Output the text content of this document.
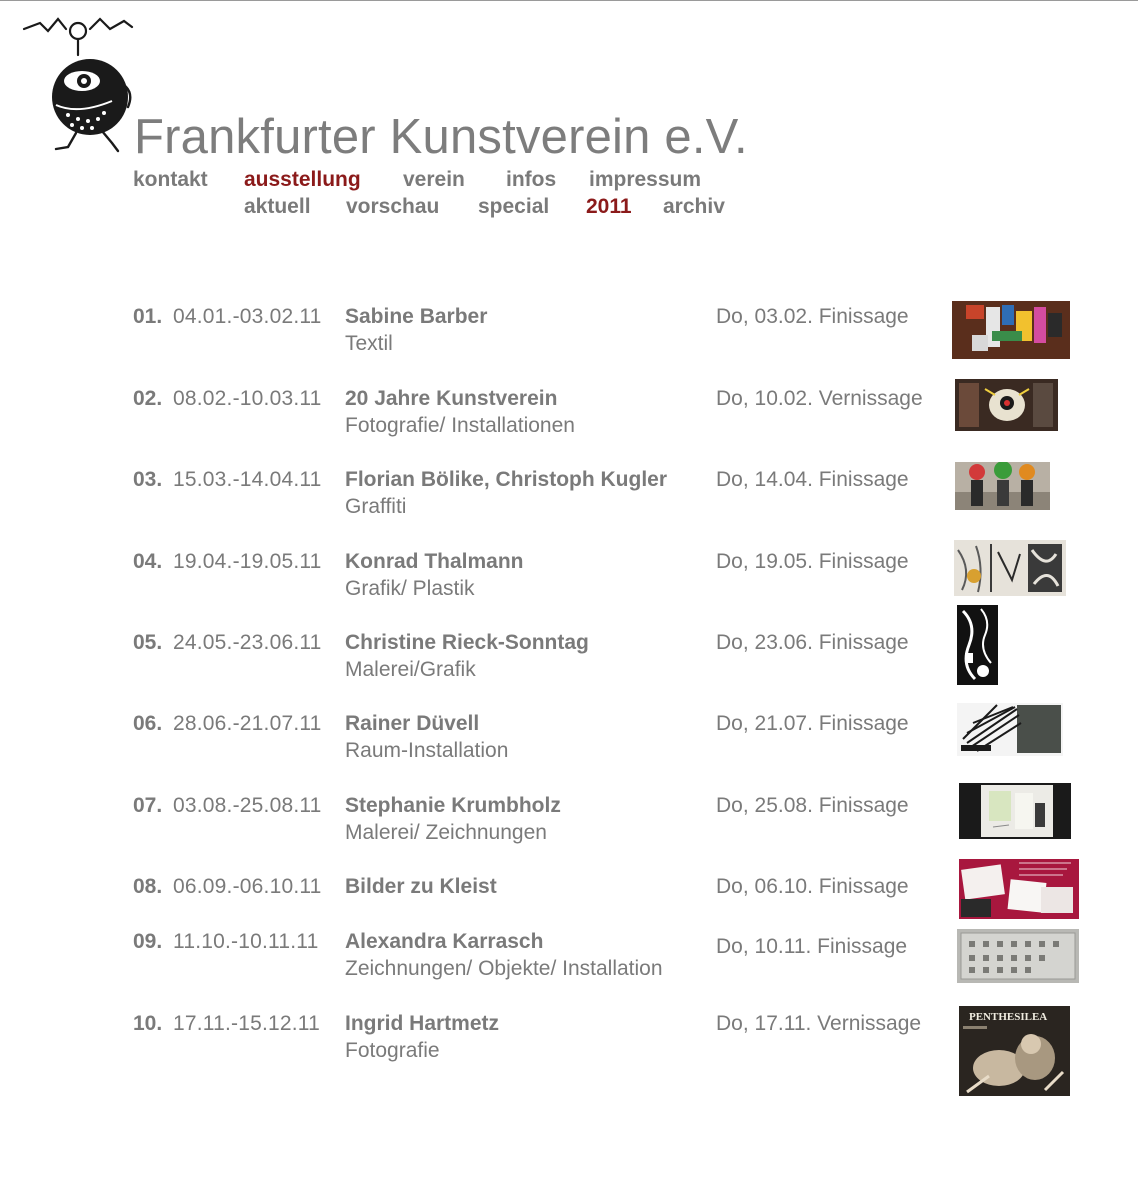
Frankfurter Kunstverein e.V.
kontakt ausstellung verein infos impressum
aktuell vorschau special 2011 archiv
01. 04.01.-03.02.11 Sabine Barber
Textil
Do, 03.02. Finissage
02. 08.02.-10.03.11 20 Jahre Kunstverein
Fotografie/ Installationen
Do, 10.02. Vernissage
03. 15.03.-14.04.11 Florian Bölike, Christoph Kugler
Graffiti
Do, 14.04. Finissage
04. 19.04.-19.05.11 Konrad Thalmann
Grafik/ Plastik
Do, 19.05. Finissage
05. 24.05.-23.06.11 Christine Rieck-Sonntag
Malerei/Grafik
Do, 23.06. Finissage
06. 28.06.-21.07.11 Rainer Düvell
Raum-Installation
Do, 21.07. Finissage
07. 03.08.-25.08.11 Stephanie Krumbholz
Malerei/ Zeichnungen
Do, 25.08. Finissage
08. 06.09.-06.10.11 Bilder zu Kleist	Do, 06.10. Finissage
09. 11.10.-10.11.11 Alexandra Karrasch
Zeichnungen/ Objekte/ Installation
Do, 10.11. Finissage
10. 17.11.-15.12.11 Ingrid Hartmetz
Fotografie
Do, 17.11. Vernissage	PENTHESILEA
